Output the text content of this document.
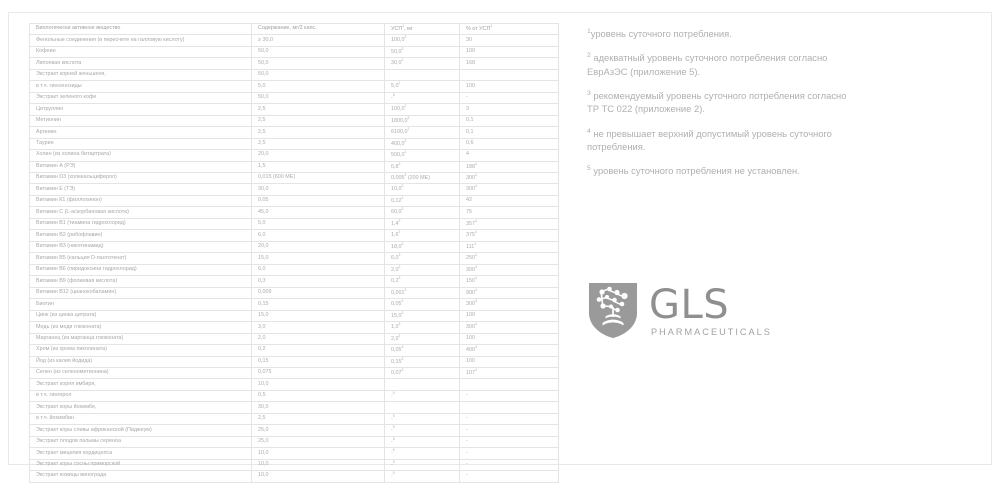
Биологически активное вещество	Содержание, мг/2 капс.	УСП$^1$, мг	% от УСП$^1$
Фенольные соединения (в пересчете на галловую кислоту)	≥ 30,0	100,0$^2$	30
Кофеин	50,0	50,0$^3$	100
Липоевая кислота	50,0	30,0$^2$	168
Экстракт корней женьшеня,	50,0		
в т.ч. гинсенозиды	5,0	$5,0^2$	100
Экстракт зеленого кофе	50,0	-$^5$	-
Цитруллин	2,5	100,0$^2$	3
Метионин	2,5	1800,0$^3$	0,1
Аргинин	2,5	6100,0$^2$	0,1
Таурин	2,5	400,0$^2$	0,6
Холин (из холина битартрата)	20,0	500,0$^2$	4
Витамин А (РЭ)	1,5	$0,8^3$	$188^4$
Витамин D3 (холекальциферол)	0,015 (600 МЕ)	0,005$^3$ (200 МЕ)	$300^4$
Витамин Е (ТЭ)	30,0	10,0$^3$	$300^4$
Витамин К1 (филлохинон)	0,05	0,12$^2$	42
Витамин С (L-аскорбиновая кислота)	45,0	60,0$^3$	75
Витамин В1 (тиамина гидрохлорид)	5,0	$1,4^3$	$357^4$
Витамин В2 (рибофлавин)	6,0	$1,6^3$	$375^4$
Витамин В3 (никотинамид)	20,0	18,0$^3$	$111^4$
Витамин В5 (кальция D-пантотенат)	15,0	$6,0^3$	$250^4$
Витамин В6 (пиридоксина гидрохлорид)	6,0	$2,0^3$	$300^4$
Витамин В9 (фолиевая кислота)	0,3	$0,2^3$	$150^4$
Витамин В12 (цианокобаламин)	0,009	0,001$^3$	$900^4$
Биотин	0,15	0,05$^3$	$300^4$
Цинк (из цинка цитрата)	15,0	15,0$^3$	100
Медь (из меди глюконата)	3,0	$1,0^3$	$300^4$
Марганец (из марганца глюконата)	2,0	$2,0^3$	100
Хром (из хрома пиколината)	0,2	0,05$^3$	$400^4$
Йод (из калия йодида)	0,15	0,15$^3$	100
Селен (из селенометионина)	0,075	0,07$^3$	$107^4$
Экстракт корня имбиря,	10,0		
в т.ч. гингерол	0,5	-$^5$	-
Экстракт коры йохимбе,	30,0		
в т.ч. йохимбин	2,5	-$^5$	-
Экстракт коры сливы африканской (Пиджеум)	25,0	-$^5$	-
Экстракт плодов пальмы сереноа	25,0	-$^5$	-
Экстракт мицелия кордицепса	10,0	-$^5$	-
Экстракт коры сосны приморской	10,0	-$^5$	-
Экстракт кожицы винограда	10,0	-$^5$	-

$^1$уровень суточного потребления.

$^2$ адекватный уровень суточного потребления согласно ЕврАзЭС (приложение 5).

$^3$ рекомендуемый уровень суточного потребления согласно ТР ТС 022 (приложение 2).

$^4$ не превышает верхний допустимый уровень суточного потребления.

$^5$ уровень суточного потребления не установлен.

GLS
PHARMACEUTICALS
